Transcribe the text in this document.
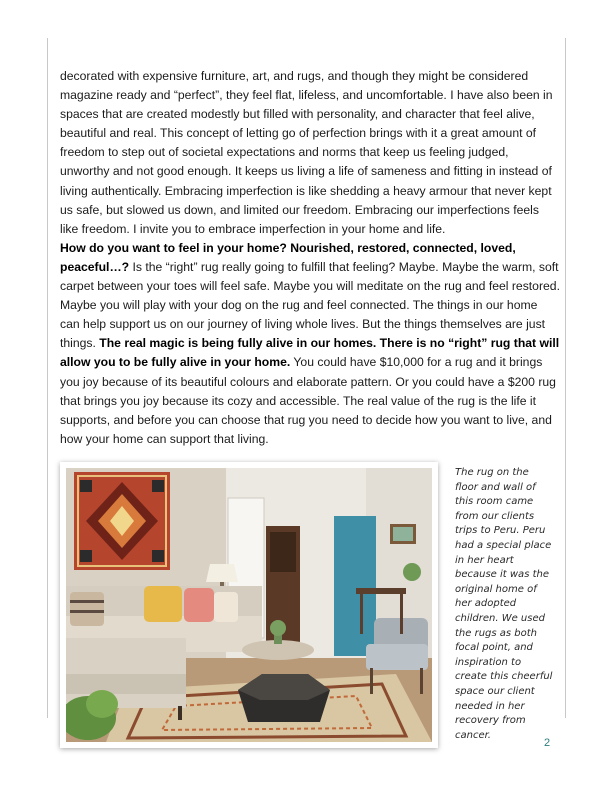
decorated with expensive furniture, art, and rugs, and though they might be considered magazine ready and “perfect”, they feel flat, lifeless, and uncomfortable. I have also been in spaces that are created modestly but filled with personality, and character that feel alive, beautiful and real. This concept of letting go of perfection brings with it a great amount of freedom to step out of societal expectations and norms that keep us feeling judged, unworthy and not good enough. It keeps us living a life of sameness and fitting in instead of living authentically. Embracing imperfection is like shedding a heavy armour that never kept us safe, but slowed us down, and limited our freedom. Embracing our imperfections feels like freedom. I invite you to embrace imperfection in your home and life.

How do you want to feel in your home? Nourished, restored, connected, loved, peaceful…? Is the “right” rug really going to fulfill that feeling? Maybe. Maybe the warm, soft carpet between your toes will feel safe. Maybe you will meditate on the rug and feel restored. Maybe you will play with your dog on the rug and feel connected. The things in our home can help support us on our journey of living whole lives. But the things themselves are just things. The real magic is being fully alive in our homes. There is no “right” rug that will allow you to be fully alive in your home. You could have $10,000 for a rug and it brings you joy because of its beautiful colours and elaborate pattern. Or you could have a $200 rug that brings you joy because its cozy and accessible. The real value of the rug is the life it supports, and before you can choose that rug you need to decide how you want to live, and how your home can support that living.

The rug on the floor and wall of this room came from our clients trips to Peru. Peru had a special place in her heart because it was the original home of her adopted children. We used the rugs as both focal point, and inspiration to create this cheerful space our client needed in her recovery from cancer.
2
